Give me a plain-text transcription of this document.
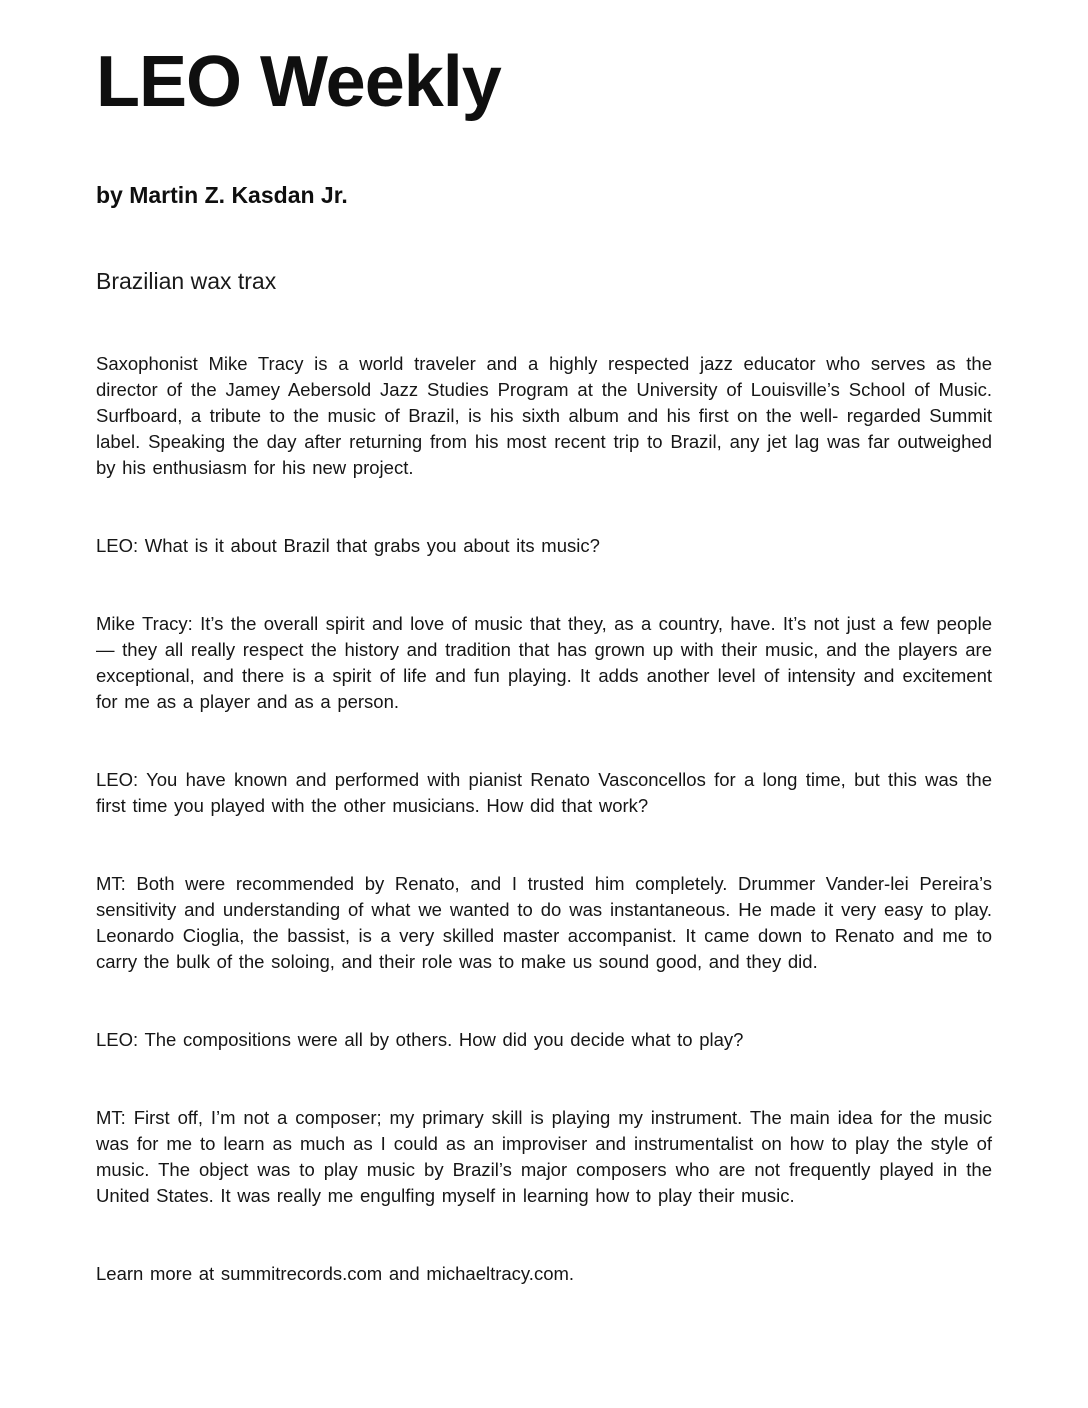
LEO Weekly

by Martin Z. Kasdan Jr.

Brazilian wax trax

Saxophonist Mike Tracy is a world traveler and a highly respected jazz educator who serves as the director of the Jamey Aebersold Jazz Studies Program at the University of Louisville’s School of Music. Surfboard, a tribute to the music of Brazil, is his sixth album and his first on the well- regarded Summit label. Speaking the day after returning from his most recent trip to Brazil, any jet lag was far outweighed by his enthusiasm for his new project.

LEO: What is it about Brazil that grabs you about its music?

Mike Tracy: It’s the overall spirit and love of music that they, as a country, have. It’s not just a few people — they all really respect the history and tradition that has grown up with their music, and the players are exceptional, and there is a spirit of life and fun playing. It adds another level of intensity and excitement for me as a player and as a person.

LEO: You have known and performed with pianist Renato Vasconcellos for a long time, but this was the first time you played with the other musicians. How did that work?

MT: Both were recommended by Renato, and I trusted him completely. Drummer Vander-lei Pereira’s sensitivity and understanding of what we wanted to do was instantaneous. He made it very easy to play. Leonardo Cioglia, the bassist, is a very skilled master accompanist. It came down to Renato and me to carry the bulk of the soloing, and their role was to make us sound good, and they did.

LEO: The compositions were all by others. How did you decide what to play?

MT: First off, I’m not a composer; my primary skill is playing my instrument. The main idea for the music was for me to learn as much as I could as an improviser and instrumentalist on how to play the style of music. The object was to play music by Brazil’s major composers who are not frequently played in the United States. It was really me engulfing myself in learning how to play their music.

Learn more at summitrecords.com and michaeltracy.com.
